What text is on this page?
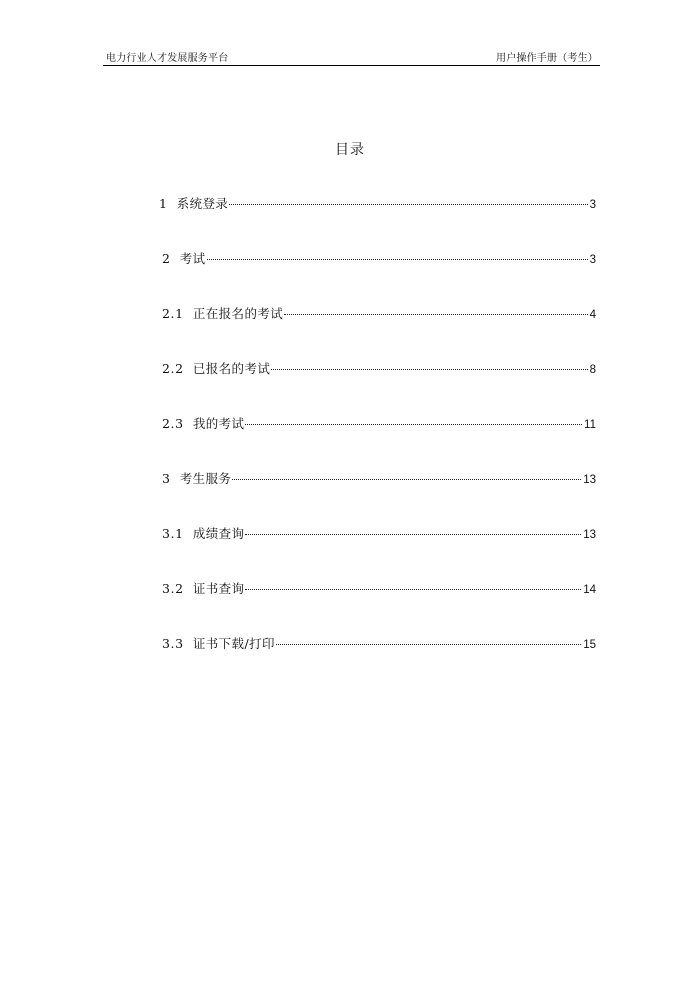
电力行业人才发展服务平台	用户操作手册（考生）
目录
1
系统登录	3
2
考试	3
2.1
正在报名的考试	4
2.2
已报名的考试	8
2.3
我的考试	11
3
考生服务	13
3.1
成绩查询	13
3.2
证书查询	14
3.3
证书下载/打印	15
